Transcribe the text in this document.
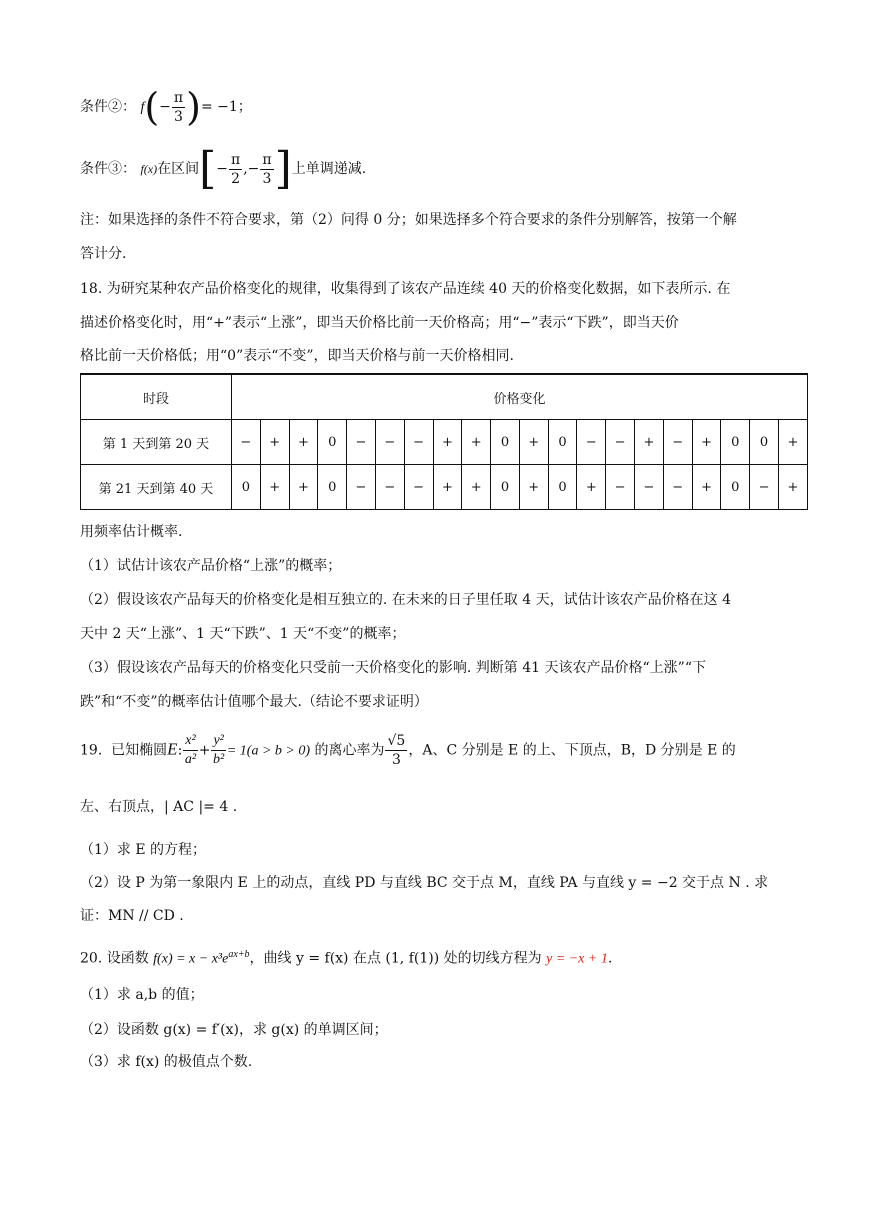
条件②： $f(- \frac{\pi}{3}$ )= −1；
条件③： f(x)在区间[− $\frac{\pi}{2}$ ,− $\frac{\pi}{3}$ ]上单调递减.
注：如果选择的条件不符合要求，第（2）问得 0 分；如果选择多个符合要求的条件分别解答，按第一个解
答计分.
18. 为研究某种农产品价格变化的规律，收集得到了该农产品连续 40 天的价格变化数据，如下表所示. 在
描述价格变化时，用“+”表示“上涨”，即当天价格比前一天价格高；用“−”表示“下跌”，即当天价
格比前一天价格低；用“0”表示“不变”，即当天价格与前一天价格相同.
时段	价格变化																			
第 1 天到第 20 天	−	+	+	0	−	−	−	+	+	0	+	0	−	−	+	−	+	0	0	+
第 21 天到第 40 天	0	+	+	0	−	−	−	+	+	0	+	0	+	−	−	−	+	0	−	+
用频率估计概率.
（1）试估计该农产品价格“上涨”的概率；
（2）假设该农产品每天的价格变化是相互独立的. 在未来的日子里任取 4 天，试估计该农产品价格在这 4
天中 2 天“上涨”、1 天“下跌”、1 天“不变”的概率；
（3）假设该农产品每天的价格变化只受前一天价格变化的影响. 判断第 41 天该农产品价格“上涨”“下
跌”和“不变”的概率估计值哪个最大.（结论不要求证明）
19. 已知椭圆E: $\frac{\text{x²}}{\text{a²}} + \frac{\text{y²}}{\text{b²}} = 1(a > b > 0)$ 的离心率为 $\frac{√5}{3}$ ，A、C 分别是 E 的上、下顶点，B，D 分别是 E 的
左、右顶点，| AC |= 4 .
（1）求 E 的方程；
（2）设 P 为第一象限内 E 上的动点，直线 PD 与直线 BC 交于点 M，直线 PA 与直线 y = −2 交于点 N . 求
证：MN // CD .
20. 设函数 $f(x) = x - x^3e^{ax+b}$，曲线 y = f(x) 在点 (1, f(1)) 处的切线方程为 y = −x + 1.
（1）求 a,b 的值；
（2）设函数 g(x) = f′(x)，求 g(x) 的单调区间；
（3）求 f(x) 的极值点个数.
